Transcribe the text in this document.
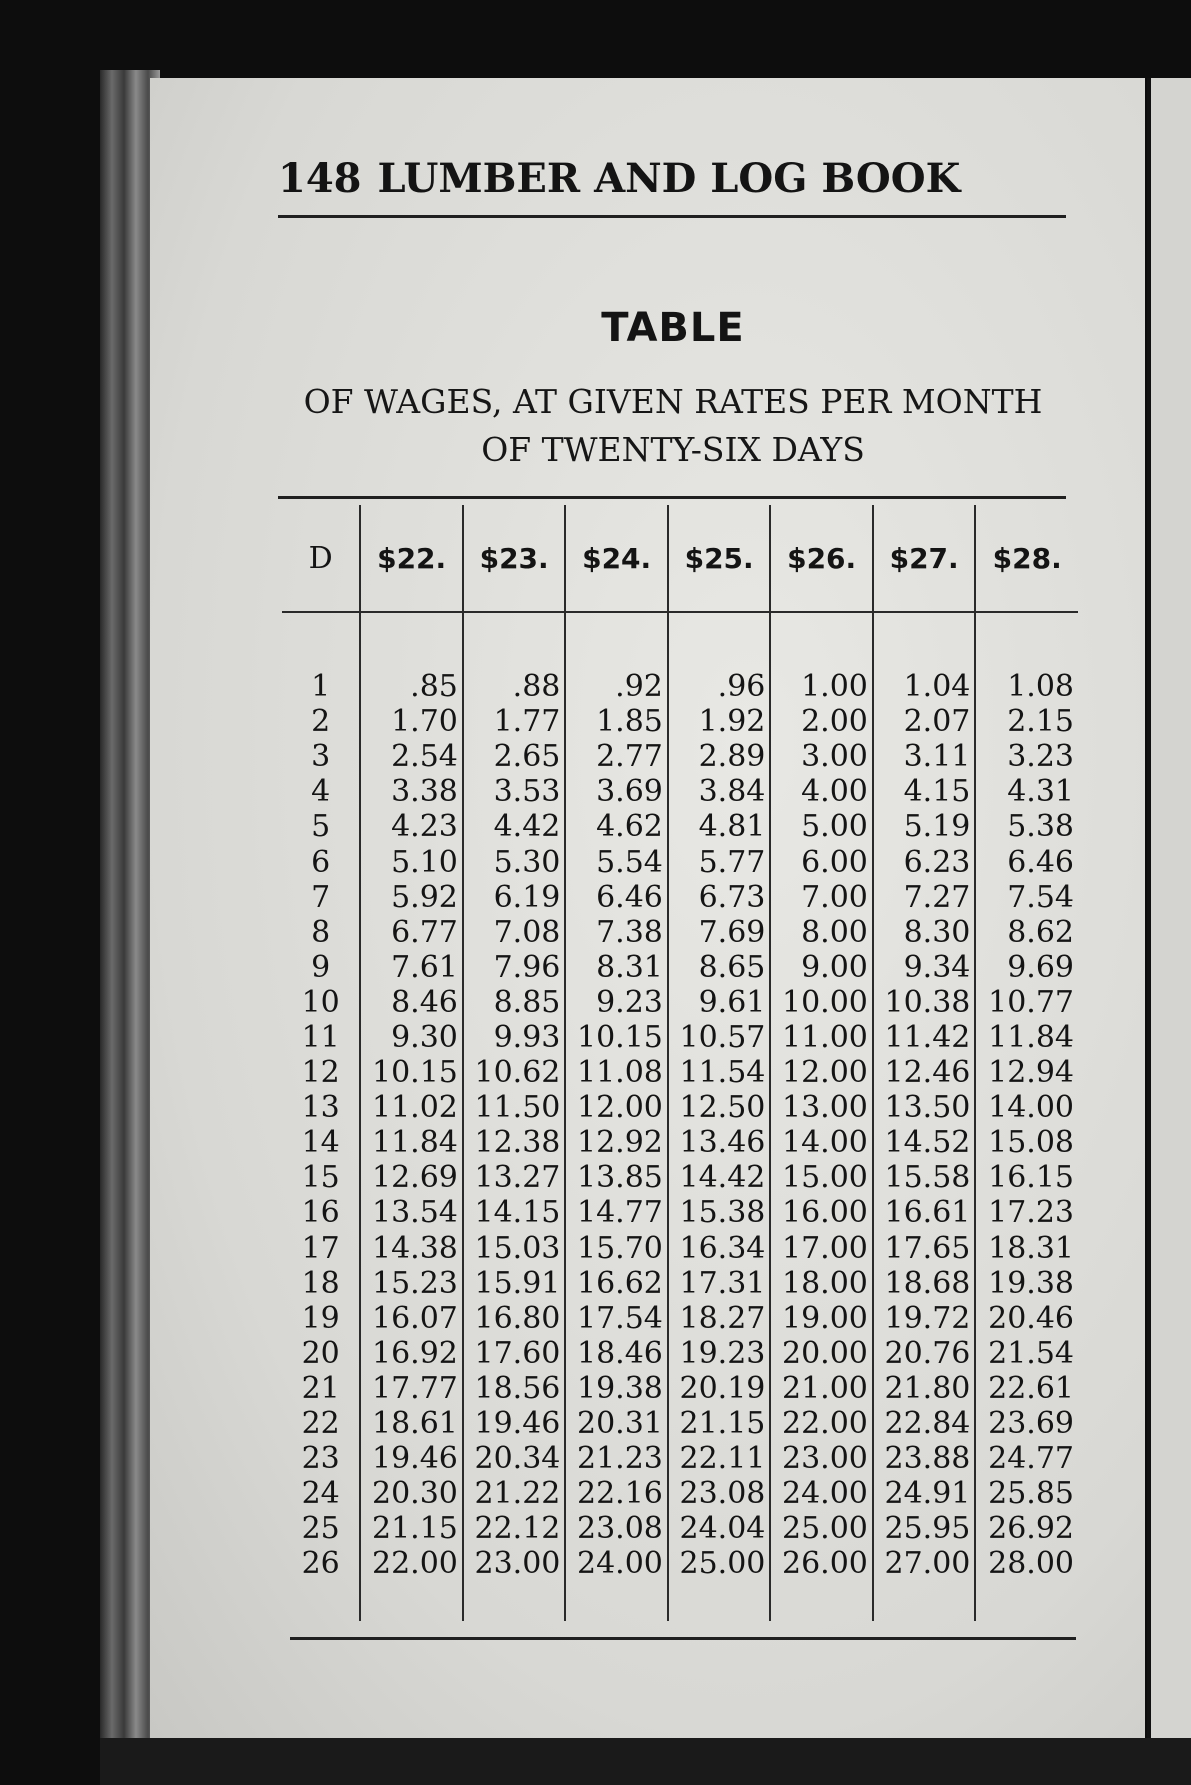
148 LUMBER AND LOG BOOK
TABLE
OF WAGES, AT GIVEN RATES PER MONTH
OF TWENTY-SIX DAYS
D	$22.	$23.	$24.	$25.	$26.	$27.	$28.

1	.85	.88	.92	.96	1.00	1.04	1.08
2	1.70	1.77	1.85	1.92	2.00	2.07	2.15
3	2.54	2.65	2.77	2.89	3.00	3.11	3.23
4	3.38	3.53	3.69	3.84	4.00	4.15	4.31
5	4.23	4.42	4.62	4.81	5.00	5.19	5.38
6	5.10	5.30	5.54	5.77	6.00	6.23	6.46
7	5.92	6.19	6.46	6.73	7.00	7.27	7.54
8	6.77	7.08	7.38	7.69	8.00	8.30	8.62
9	7.61	7.96	8.31	8.65	9.00	9.34	9.69
10	8.46	8.85	9.23	9.61	10.00	10.38	10.77
11	9.30	9.93	10.15	10.57	11.00	11.42	11.84
12	10.15	10.62	11.08	11.54	12.00	12.46	12.94
13	11.02	11.50	12.00	12.50	13.00	13.50	14.00
14	11.84	12.38	12.92	13.46	14.00	14.52	15.08
15	12.69	13.27	13.85	14.42	15.00	15.58	16.15
16	13.54	14.15	14.77	15.38	16.00	16.61	17.23
17	14.38	15.03	15.70	16.34	17.00	17.65	18.31
18	15.23	15.91	16.62	17.31	18.00	18.68	19.38
19	16.07	16.80	17.54	18.27	19.00	19.72	20.46
20	16.92	17.60	18.46	19.23	20.00	20.76	21.54
21	17.77	18.56	19.38	20.19	21.00	21.80	22.61
22	18.61	19.46	20.31	21.15	22.00	22.84	23.69
23	19.46	20.34	21.23	22.11	23.00	23.88	24.77
24	20.30	21.22	22.16	23.08	24.00	24.91	25.85
25	21.15	22.12	23.08	24.04	25.00	25.95	26.92
26	22.00	23.00	24.00	25.00	26.00	27.00	28.00
